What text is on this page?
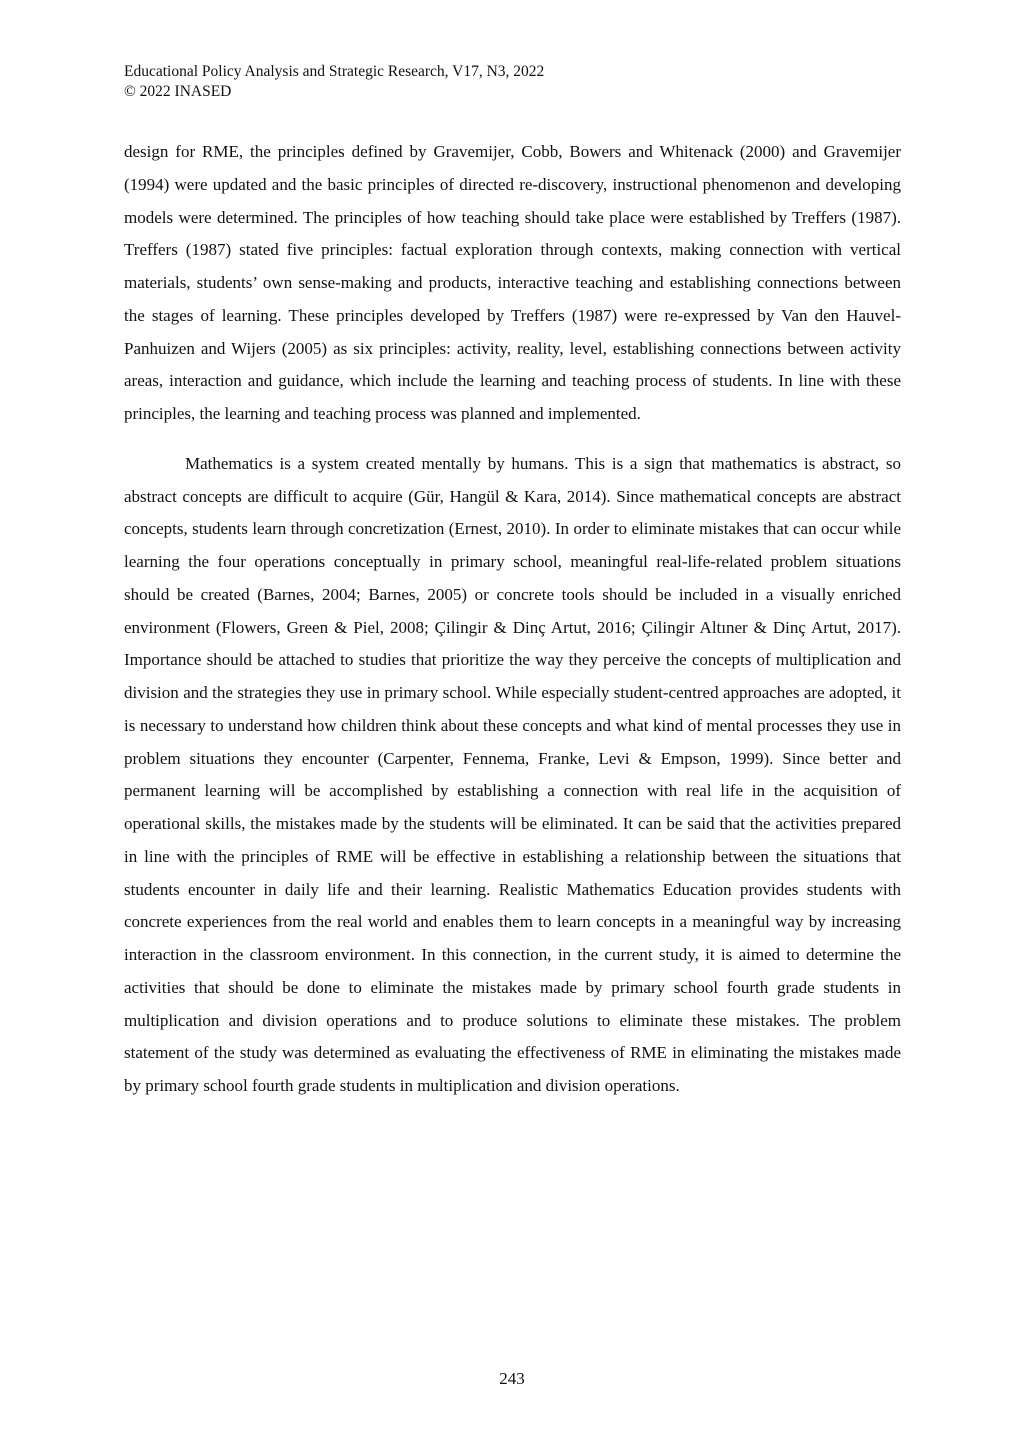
Educational Policy Analysis and Strategic Research, V17, N3, 2022
© 2022 INASED

design for RME, the principles defined by Gravemijer, Cobb, Bowers and Whitenack (2000) and Gravemijer (1994) were updated and the basic principles of directed re-discovery, instructional phenomenon and developing models were determined. The principles of how teaching should take place were established by Treffers (1987). Treffers (1987) stated five principles: factual exploration through contexts, making connection with vertical materials, students’ own sense-making and products, interactive teaching and establishing connections between the stages of learning. These principles developed by Treffers (1987) were re-expressed by Van den Hauvel-Panhuizen and Wijers (2005) as six principles: activity, reality, level, establishing connections between activity areas, interaction and guidance, which include the learning and teaching process of students. In line with these principles, the learning and teaching process was planned and implemented.

Mathematics is a system created mentally by humans. This is a sign that mathematics is abstract, so abstract concepts are difficult to acquire (Gür, Hangül & Kara, 2014). Since mathematical concepts are abstract concepts, students learn through concretization (Ernest, 2010). In order to eliminate mistakes that can occur while learning the four operations conceptually in primary school, meaningful real-life-related problem situations should be created (Barnes, 2004; Barnes, 2005) or concrete tools should be included in a visually enriched environment (Flowers, Green & Piel, 2008; Çilingir & Dinç Artut, 2016; Çilingir Altıner & Dinç Artut, 2017). Importance should be attached to studies that prioritize the way they perceive the concepts of multiplication and division and the strategies they use in primary school. While especially student-centred approaches are adopted, it is necessary to understand how children think about these concepts and what kind of mental processes they use in problem situations they encounter (Carpenter, Fennema, Franke, Levi & Empson, 1999). Since better and permanent learning will be accomplished by establishing a connection with real life in the acquisition of operational skills, the mistakes made by the students will be eliminated. It can be said that the activities prepared in line with the principles of RME will be effective in establishing a relationship between the situations that students encounter in daily life and their learning. Realistic Mathematics Education provides students with concrete experiences from the real world and enables them to learn concepts in a meaningful way by increasing interaction in the classroom environment. In this connection, in the current study, it is aimed to determine the activities that should be done to eliminate the mistakes made by primary school fourth grade students in multiplication and division operations and to produce solutions to eliminate these mistakes. The problem statement of the study was determined as evaluating the effectiveness of RME in eliminating the mistakes made by primary school fourth grade students in multiplication and division operations.

243
